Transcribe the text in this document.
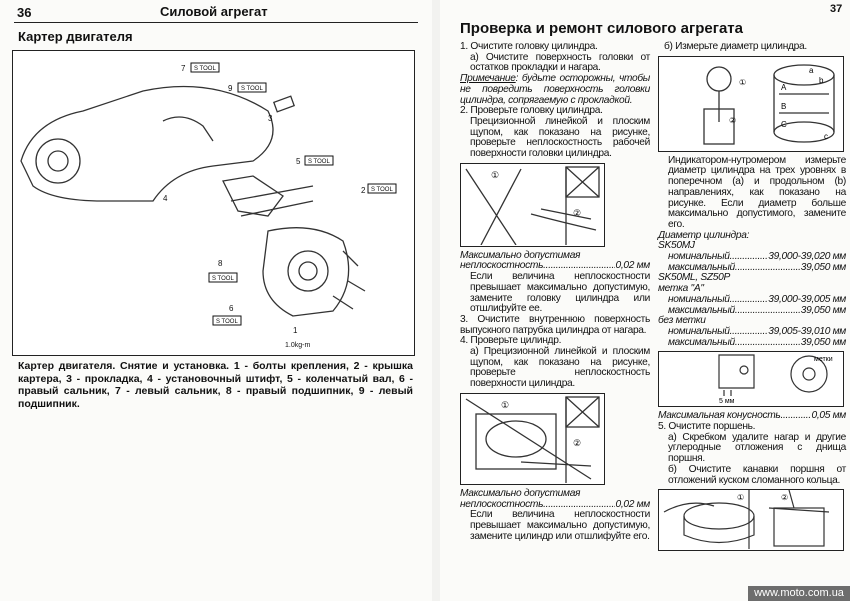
36	Силовой агрегат
Картер двигателя
7 S TOOL
9 S TOOL
3
5 S TOOL
2 S TOOL
4
8
S TOOL
6
S TOOL
1
1.0kg-m
Картер двигателя. Снятие и установка. 1 - болты крепления, 2 - крышка картера, 3 - прокладка, 4 - установочный штифт, 5 - коленчатый вал, 6 - правый сальник, 7 - левый сальник, 8 - правый подшипник, 9 - левый подшипник.
37
Проверка и ремонт силового агрегата
1. Очистите головку цилиндра.
а) Очистите поверхность головки от остатков прокладки и нагара.
Примечание: будьте осторожны, чтобы не повредить поверхность головки цилиндра, сопрягаемую с прокладкой.
2. Проверьте головку цилиндра.
Прецизионной линейкой и плоским щупом, как показано на рисунке, проверьте неплоскостность рабочей поверхности головки цилиндра.
①
②
Максимально допустимая
неплоскостность .....	0,02 мм
Если величина неплоскостности превышает максимально допустимую, замените головку цилиндра или отшлифуйте ее.
3. Очистите внутреннюю поверхность выпускного патрубка цилиндра от нагара.
4. Проверьте цилиндр.
а) Прецизионной линейкой и плоским щупом, как показано на рисунке, проверьте неплоскостность поверхности цилиндра.
①
②
Максимально допустимая
неплоскостность .....	0,02 мм
Если величина неплоскостности превышает максимально допустимую, замените цилиндр или отшлифуйте его.
б) Измерьте диаметр цилиндра.
①
②
a
b
c
A
B
C
Индикатором-нутромером измерьте диаметр цилиндра на трех уровнях в поперечном (a) и продольном (b) направлениях, как показано на рисунке. Если диаметр больше максимально допустимого, замените его.
Диаметр цилиндра:
SK50MJ
номинальный .....	39,000-39,020 мм
максимальный .....	39,050 мм
SK50ML, SZ50P
метка "A"
номинальный .....	39,000-39,005 мм
максимальный .....	39,050 мм
без метки
номинальный .....	39,005-39,010 мм
максимальный .....	39,050 мм
метки
5 мм
Максимальная конусность .....	0,05 мм
5. Очистите поршень.
а) Скребком удалите нагар и другие углеродные отложения с днища поршня.
б) Очистите канавки поршня от отложений куском сломанного кольца.
①	②
www.moto.com.ua
